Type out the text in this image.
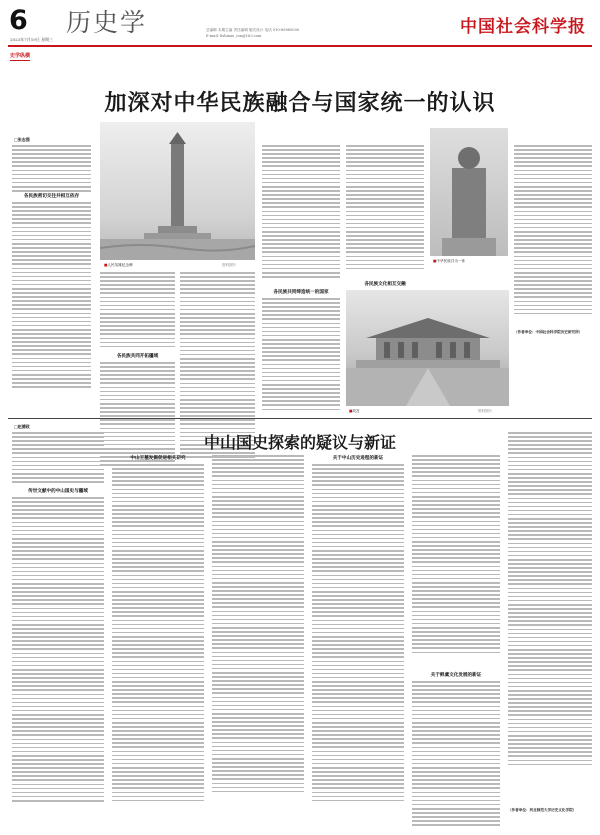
6
2023年7月19日 星期三
历史学	总编辑 本期主编 责任编辑 版式设计 电话 010-85885000
E-mail: lishixue_csn@163.com	中国社会科学报
史学纵横
加深对中华民族融合与国家统一的认识
□张志强
各民族密切交往并相互依存
■人民英雄纪念碑	资料图片
各民族共同开拓疆域
各民族共同缔造统一的国家
各民族文化相互交融
■故宫	资料图片
■中华民族共为一体
（作者单位：中国社会科学院历史研究所）
□赵德政
中山国史探索的疑议与新证
传世文献中的中山国史与疆域
中山王墓发掘促进相关研究	关于中山历史进程的新证
关于鲜虞文化发展的新证
（作者单位：河北师范大学历史文化学院）
